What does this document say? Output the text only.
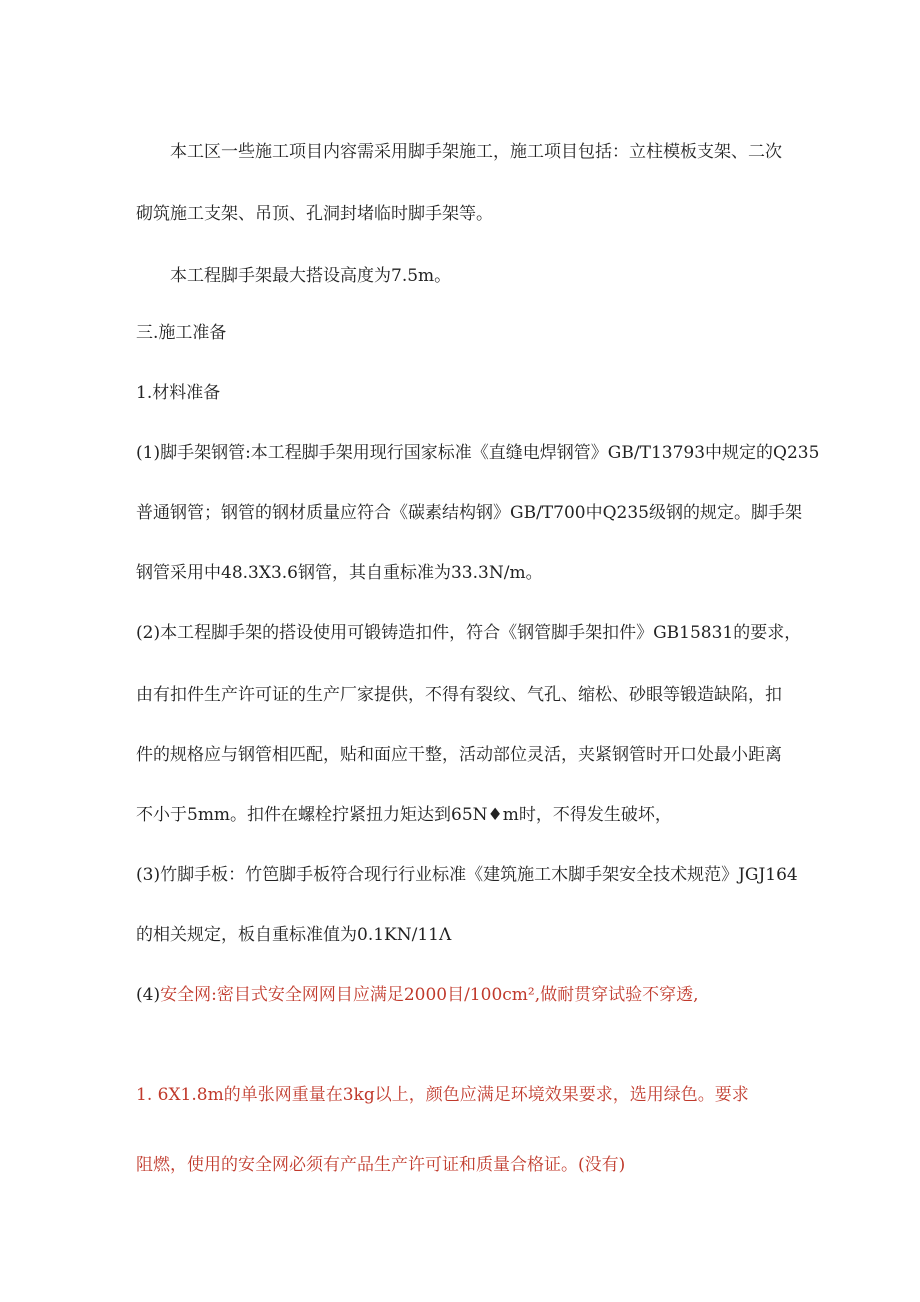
本工区一些施工项目内容需采用脚手架施工，施工项目包括：立柱模板支架、二次
砌筑施工支架、吊顶、孔洞封堵临时脚手架等。
本工程脚手架最大搭设高度为7.5m。
三.施工准备
1.材料准备
(1)脚手架钢管:本工程脚手架用现行国家标准《直缝电焊钢管》GB/T13793中规定的Q235
普通钢管；钢管的钢材质量应符合《碳素结构钢》GB/T700中Q235级钢的规定。脚手架
钢管采用中48.3X3.6钢管，其自重标准为33.3N/m。
(2)本工程脚手架的搭设使用可锻铸造扣件，符合《钢管脚手架扣件》GB15831的要求，
由有扣件生产许可证的生产厂家提供，不得有裂纹、气孔、缩松、砂眼等锻造缺陷，扣
件的规格应与钢管相匹配，贴和面应干整，活动部位灵活，夹紧钢管时开口处最小距离
不小于5mm。扣件在螺栓拧紧扭力矩达到65N♦m时，不得发生破坏，
(3)竹脚手板：竹笆脚手板符合现行行业标准《建筑施工木脚手架安全技术规范》JGJ164
的相关规定，板自重标准值为0.1KN/11Λ
(4)安全网:密目式安全网网目应满足2000目/100cm²,做耐贯穿试验不穿透,
1. 6X1.8m的单张网重量在3kg以上，颜色应满足环境效果要求，选用绿色。要求
阻燃，使用的安全网必须有产品生产许可证和质量合格证。(没有)
